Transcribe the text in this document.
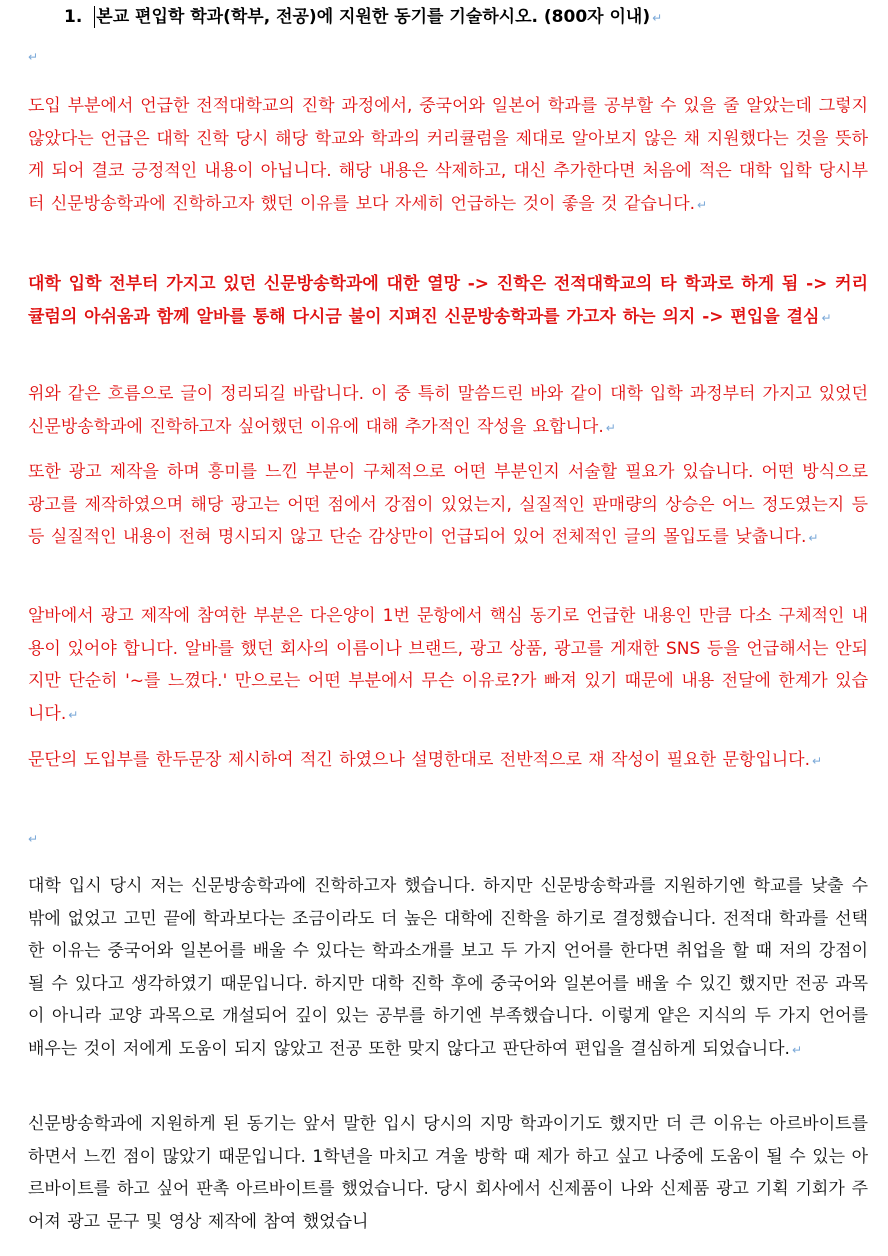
1. 본교 편입학 학과(학부, 전공)에 지원한 동기를 기술하시오. (800자 이내) ↵
↵

도입 부분에서 언급한 전적대학교의 진학 과정에서, 중국어와 일본어 학과를 공부할 수 있을 줄 알았는데 그렇지 않았다는 언급은 대학 진학 당시 해당 학교와 학과의 커리큘럼을 제대로 알아보지 않은 채 지원했다는 것을 뜻하게 되어 결코 긍정적인 내용이 아닙니다. 해당 내용은 삭제하고, 대신 추가한다면 처음에 적은 대학 입학 당시부터 신문방송학과에 진학하고자 했던 이유를 보다 자세히 언급하는 것이 좋을 것 같습니다. ↵

대학 입학 전부터 가지고 있던 신문방송학과에 대한 열망 -> 진학은 전적대학교의 타 학과로 하게 됨 -> 커리큘럼의 아쉬움과 함께 알바를 통해 다시금 불이 지펴진 신문방송학과를 가고자 하는 의지 -> 편입을 결심 ↵

위와 같은 흐름으로 글이 정리되길 바랍니다. 이 중 특히 말씀드린 바와 같이 대학 입학 과정부터 가지고 있었던 신문방송학과에 진학하고자 싶어했던 이유에 대해 추가적인 작성을 요합니다. ↵

또한 광고 제작을 하며 흥미를 느낀 부분이 구체적으로 어떤 부분인지 서술할 필요가 있습니다. 어떤 방식으로 광고를 제작하였으며 해당 광고는 어떤 점에서 강점이 있었는지, 실질적인 판매량의 상승은 어느 정도였는지 등등 실질적인 내용이 전혀 명시되지 않고 단순 감상만이 언급되어 있어 전체적인 글의 몰입도를 낮춥니다. ↵

알바에서 광고 제작에 참여한 부분은 다은양이 1번 문항에서 핵심 동기로 언급한 내용인 만큼 다소 구체적인 내용이 있어야 합니다. 알바를 했던 회사의 이름이나 브랜드, 광고 상품, 광고를 게재한 SNS 등을 언급해서는 안되지만 단순히 '~를 느꼈다.' 만으로는 어떤 부분에서 무슨 이유로?가 빠져 있기 때문에 내용 전달에 한계가 있습니다. ↵

문단의 도입부를 한두문장 제시하여 적긴 하였으나 설명한대로 전반적으로 재 작성이 필요한 문항입니다. ↵

↵

대학 입시 당시 저는 신문방송학과에 진학하고자 했습니다. 하지만 신문방송학과를 지원하기엔 학교를 낮출 수 밖에 없었고 고민 끝에 학과보다는 조금이라도 더 높은 대학에 진학을 하기로 결정했습니다. 전적대 학과를 선택한 이유는 중국어와 일본어를 배울 수 있다는 학과소개를 보고 두 가지 언어를 한다면 취업을 할 때 저의 강점이 될 수 있다고 생각하였기 때문입니다. 하지만 대학 진학 후에 중국어와 일본어를 배울 수 있긴 했지만 전공 과목이 아니라 교양 과목으로 개설되어 깊이 있는 공부를 하기엔 부족했습니다. 이렇게 얕은 지식의 두 가지 언어를 배우는 것이 저에게 도움이 되지 않았고 전공 또한 맞지 않다고 판단하여 편입을 결심하게 되었습니다. ↵

신문방송학과에 지원하게 된 동기는 앞서 말한 입시 당시의 지망 학과이기도 했지만 더 큰 이유는 아르바이트를 하면서 느낀 점이 많았기 때문입니다. 1학년을 마치고 겨울 방학 때 제가 하고 싶고 나중에 도움이 될 수 있는 아르바이트를 하고 싶어 판촉 아르바이트를 했었습니다. 당시 회사에서 신제품이 나와 신제품 광고 기획 기회가 주어져 광고 문구 및 영상 제작에 참여 했었습니
